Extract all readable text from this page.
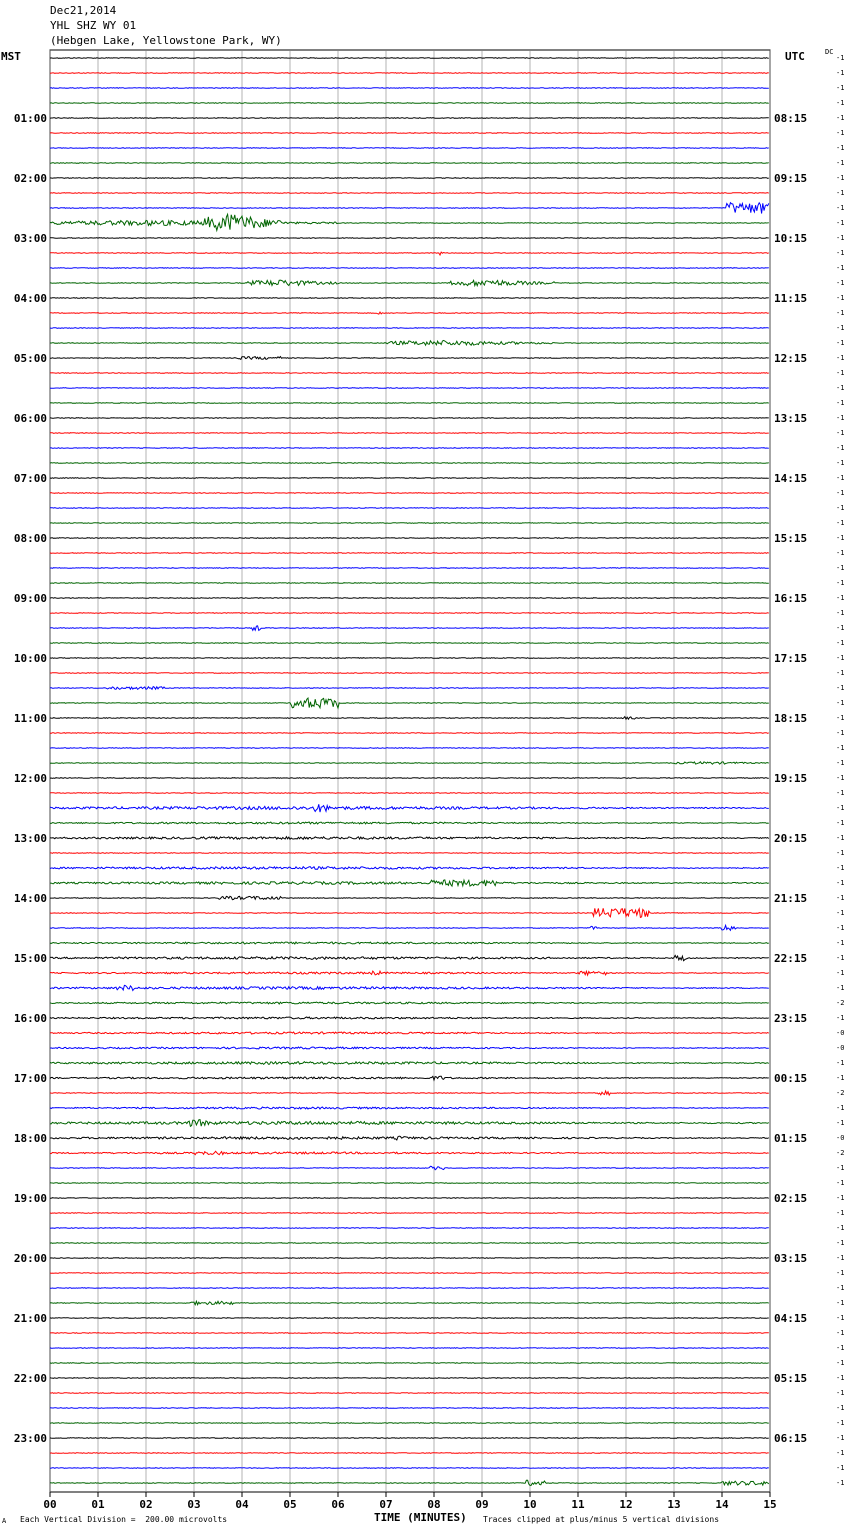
Dec21,2014
YHL SHZ WY 01
(Hebgen Lake, Yellowstone Park, WY)
MST	UTC	DC
01:00
02:00
03:00
04:00
05:00
06:00
07:00
08:00
09:00
10:00
11:00
12:00
13:00
14:00
15:00
16:00
17:00
18:00
19:00
20:00
21:00
22:00
23:00
08:15
09:15
10:15
11:15
12:15
13:15
14:15
15:15
16:15
17:15
18:15
19:15
20:15
21:15
22:15
23:15
00:15
01:15
02:15
03:15
04:15
05:15
06:15
-1
-1
-1
-1
-1
-1
-1
-1
-1
-1
-1
-1
-1
-1
-1
-1
-1
-1
-1
-1
-1
-1
-1
-1
-1
-1
-1
-1
-1
-1
-1
-1
-1
-1
-1
-1
-1
-1
-1
-1
-1
-1
-1
-1
-1
-1
-1
-1
-1
-1
-1
-1
-1
-1
-1
-1
-1
-1
-1
-1
-1
-1
-1
-2
-1
-0
-0
-1
-1
-2
-1
-1
-0
-2
-1
-1
-1
-1
-1
-1
-1
-1
-1
-1
-1
-1
-1
-1
-1
-1
-1
-1
-1
-1
-1
-1
00	01	02	03	04	05	06	07	08	09	10	11	12	13	14	15
A Each Vertical Division =  200.00 microvolts	TIME (MINUTES) Traces clipped at plus/minus 5 vertical divisions
